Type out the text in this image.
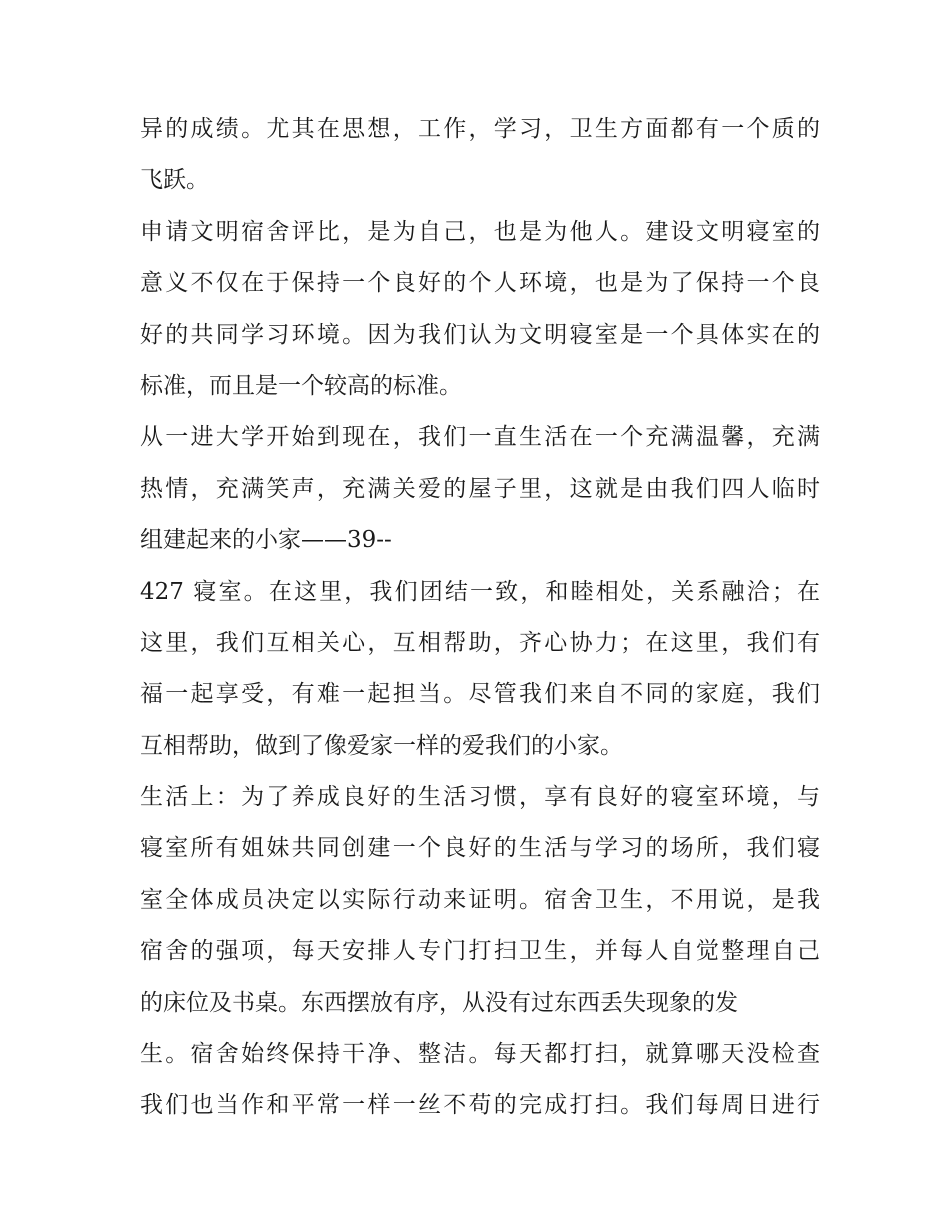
异的成绩。尤其在思想，工作，学习，卫生方面都有一个质的
飞跃。
申请文明宿舍评比，是为自己，也是为他人。建设文明寝室的
意义不仅在于保持一个良好的个人环境，也是为了保持一个良
好的共同学习环境。因为我们认为文明寝室是一个具体实在的
标准，而且是一个较高的标准。
从一进大学开始到现在，我们一直生活在一个充满温馨，充满
热情，充满笑声，充满关爱的屋子里，这就是由我们四人临时
组建起来的小家——39--
427 寝室。在这里，我们团结一致，和睦相处，关系融洽；在
这里，我们互相关心，互相帮助，齐心协力；在这里，我们有
福一起享受，有难一起担当。尽管我们来自不同的家庭，我们
互相帮助，做到了像爱家一样的爱我们的小家。
生活上：为了养成良好的生活习惯，享有良好的寝室环境，与
寝室所有姐妹共同创建一个良好的生活与学习的场所，我们寝
室全体成员决定以实际行动来证明。宿舍卫生，不用说，是我
宿舍的强项，每天安排人专门打扫卫生，并每人自觉整理自己
的床位及书桌。东西摆放有序，从没有过东西丢失现象的发
生。宿舍始终保持干净、整洁。每天都打扫，就算哪天没检查
我们也当作和平常一样一丝不苟的完成打扫。我们每周日进行
